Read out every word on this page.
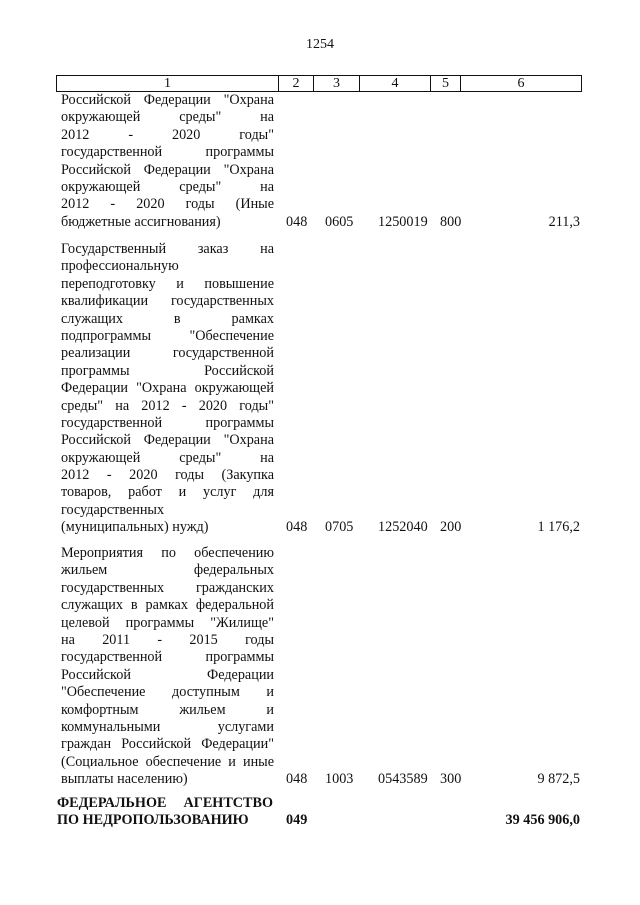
1254
1	2	3	4	5	6
Российской Федерации "Охрана
окружающей среды" на
2012 - 2020 годы"
государственной программы
Российской Федерации "Охрана
окружающей среды" на
2012 - 2020 годы (Иные
бюджетные ассигнования)	048 0605 1250019 800	211,3
Государственный заказ на
профессиональную
переподготовку и повышение
квалификации государственных
служащих в рамках
подпрограммы "Обеспечение
реализации государственной
программы Российской
Федерации "Охрана окружающей
среды" на 2012 - 2020 годы"
государственной программы
Российской Федерации "Охрана
окружающей среды" на
2012 - 2020 годы (Закупка
товаров, работ и услуг для
государственных
(муниципальных) нужд)	048 0705 1252040 200	1 176,2
Мероприятия по обеспечению
жильем федеральных
государственных гражданских
служащих в рамках федеральной
целевой программы "Жилище"
на 2011 - 2015 годы
государственной программы
Российской Федерации
"Обеспечение доступным и
комфортным жильем и
коммунальными услугами
граждан Российской Федерации"
(Социальное обеспечение и иные
выплаты населению)	048 1003 0543589 300	9 872,5
ФЕДЕРАЛЬНОЕ АГЕНТСТВО
ПО НЕДРОПОЛЬЗОВАНИЮ	049	39 456 906,0
